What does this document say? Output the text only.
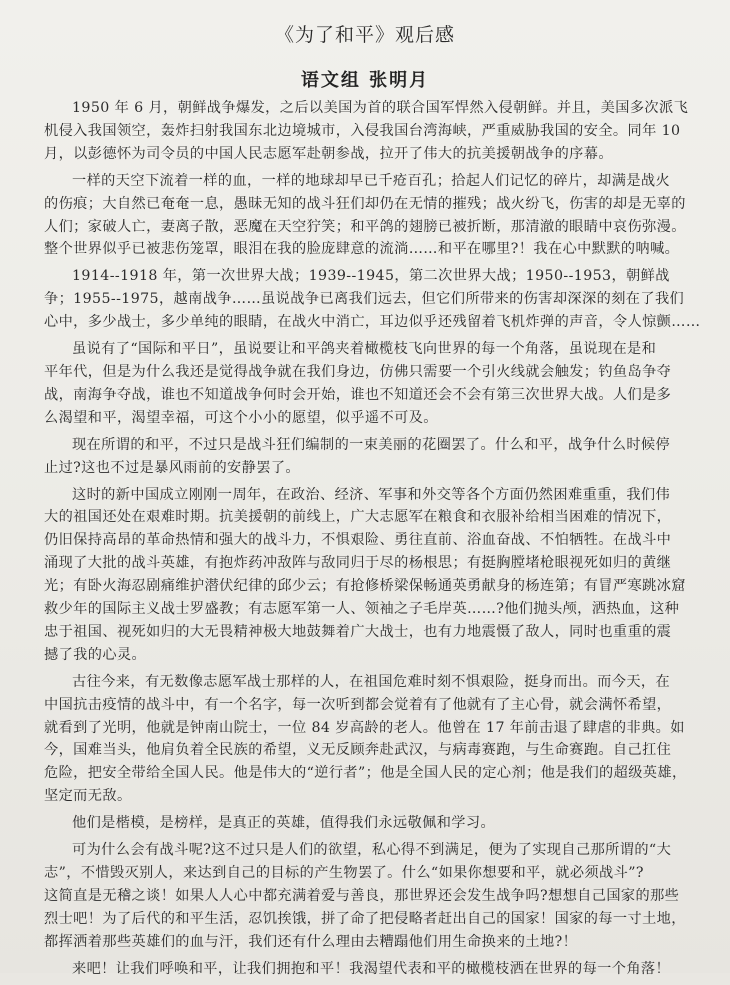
《为了和平》观后感
语文组 张明月
1950 年 6 月，朝鲜战争爆发，之后以美国为首的联合国军悍然入侵朝鲜。并且，美国多次派飞
机侵入我国领空，轰炸扫射我国东北边境城市，入侵我国台湾海峡，严重威胁我国的安全。同年 10
月，以彭德怀为司令员的中国人民志愿军赴朝参战，拉开了伟大的抗美援朝战争的序幕。
一样的天空下流着一样的血，一样的地球却早已千疮百孔；拾起人们记忆的碎片，却满是战火
的伤痕；大自然已奄奄一息，愚昧无知的战斗狂们却仍在无情的摧残；战火纷飞，伤害的却是无辜的
人们；家破人亡，妻离子散，恶魔在天空狞笑；和平鸽的翅膀已被折断，那清澈的眼睛中哀伤弥漫。
整个世界似乎已被悲伤笼罩，眼泪在我的脸庞肆意的流淌……和平在哪里?！我在心中默默的呐喊。
1914--1918 年，第一次世界大战；1939--1945，第二次世界大战；1950--1953，朝鲜战
争；1955--1975，越南战争……虽说战争已离我们远去，但它们所带来的伤害却深深的刻在了我们
心中，多少战士，多少单纯的眼睛，在战火中消亡，耳边似乎还残留着飞机炸弹的声音，令人惊颤……
虽说有了“国际和平日”，虽说要让和平鸽夹着橄榄枝飞向世界的每一个角落，虽说现在是和
平年代，但是为什么我还是觉得战争就在我们身边，仿佛只需要一个引火线就会触发；钓鱼岛争夺
战，南海争夺战，谁也不知道战争何时会开始，谁也不知道还会不会有第三次世界大战。人们是多
么渴望和平，渴望幸福，可这个小小的愿望，似乎遥不可及。
现在所谓的和平，不过只是战斗狂们编制的一束美丽的花圈罢了。什么和平，战争什么时候停
止过?这也不过是暴风雨前的安静罢了。
这时的新中国成立刚刚一周年，在政治、经济、军事和外交等各个方面仍然困难重重，我们伟
大的祖国还处在艰难时期。抗美援朝的前线上，广大志愿军在粮食和衣服补给相当困难的情况下，
仍旧保持高昂的革命热情和强大的战斗力，不惧艰险、勇往直前、浴血奋战、不怕牺牲。在战斗中
涌现了大批的战斗英雄，有抱炸药冲敌阵与敌同归于尽的杨根思；有挺胸膛堵枪眼视死如归的黄继
光；有卧火海忍剧痛维护潜伏纪律的邱少云；有抢修桥梁保畅通英勇献身的杨连第；有冒严寒跳冰窟
救少年的国际主义战士罗盛教；有志愿军第一人、领袖之子毛岸英……?他们抛头颅，洒热血，这种
忠于祖国、视死如归的大无畏精神极大地鼓舞着广大战士，也有力地震慑了敌人，同时也重重的震
撼了我的心灵。
古往今来，有无数像志愿军战士那样的人，在祖国危难时刻不惧艰险，挺身而出。而今天，在
中国抗击疫情的战斗中，有一个名字，每一次听到都会觉着有了他就有了主心骨，就会满怀希望，
就看到了光明，他就是钟南山院士，一位 84 岁高龄的老人。他曾在 17 年前击退了肆虐的非典。如
今，国难当头，他肩负着全民族的希望，义无反顾奔赴武汉，与病毒赛跑，与生命赛跑。自己扛住
危险，把安全带给全国人民。他是伟大的“逆行者”；他是全国人民的定心剂；他是我们的超级英雄，
坚定而无敌。
他们是楷模，是榜样，是真正的英雄，值得我们永远敬佩和学习。
可为什么会有战斗呢?这不过只是人们的欲望，私心得不到满足，便为了实现自己那所谓的“大
志”，不惜毁灭别人，来达到自己的目标的产生物罢了。什么“如果你想要和平，就必须战斗”?
这简直是无稽之谈！如果人人心中都充满着爱与善良，那世界还会发生战争吗?想想自己国家的那些
烈士吧！为了后代的和平生活，忍饥挨饿，拼了命了把侵略者赶出自己的国家！国家的每一寸土地，
都挥洒着那些英雄们的血与汗，我们还有什么理由去糟蹋他们用生命换来的土地?！
来吧！让我们呼唤和平，让我们拥抱和平！我渴望代表和平的橄榄枝洒在世界的每一个角落！
